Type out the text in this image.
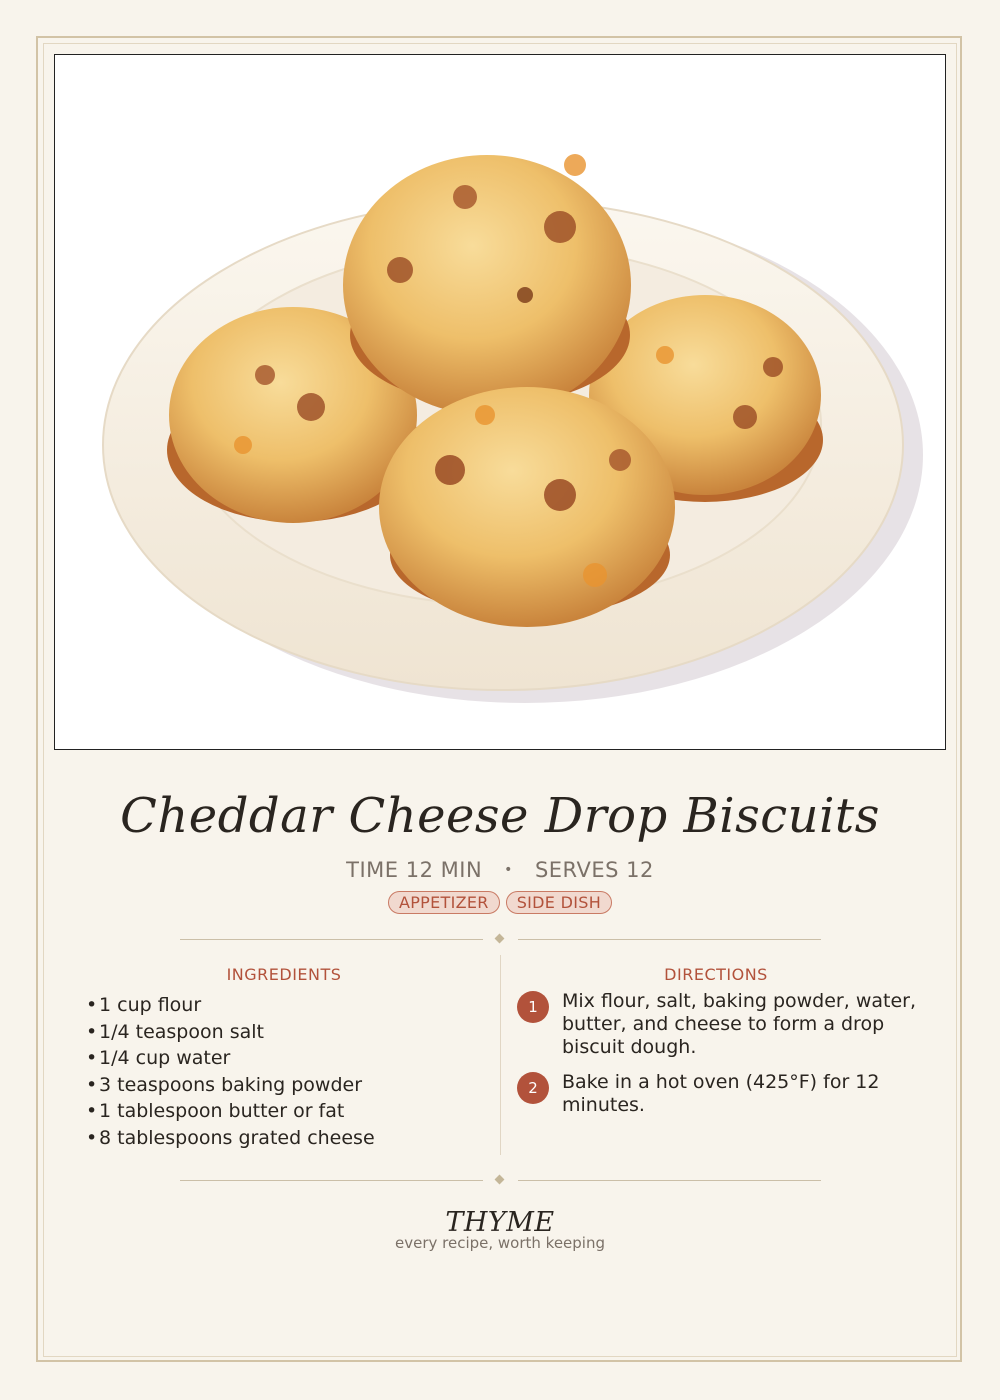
Cheddar Cheese Drop Biscuits
TIME 12 MIN • SERVES 12
APPETIZER SIDE DISH
INGREDIENTS
•1 cup flour
•1/4 teaspoon salt
•1/4 cup water
•3 teaspoons baking powder
•1 tablespoon butter or fat
•8 tablespoons grated cheese
DIRECTIONS
1	Mix flour, salt, baking powder, water, butter, and cheese to form a drop biscuit dough.
2	Bake in a hot oven (425°F) for 12 minutes.
THYME
every recipe, worth keeping
